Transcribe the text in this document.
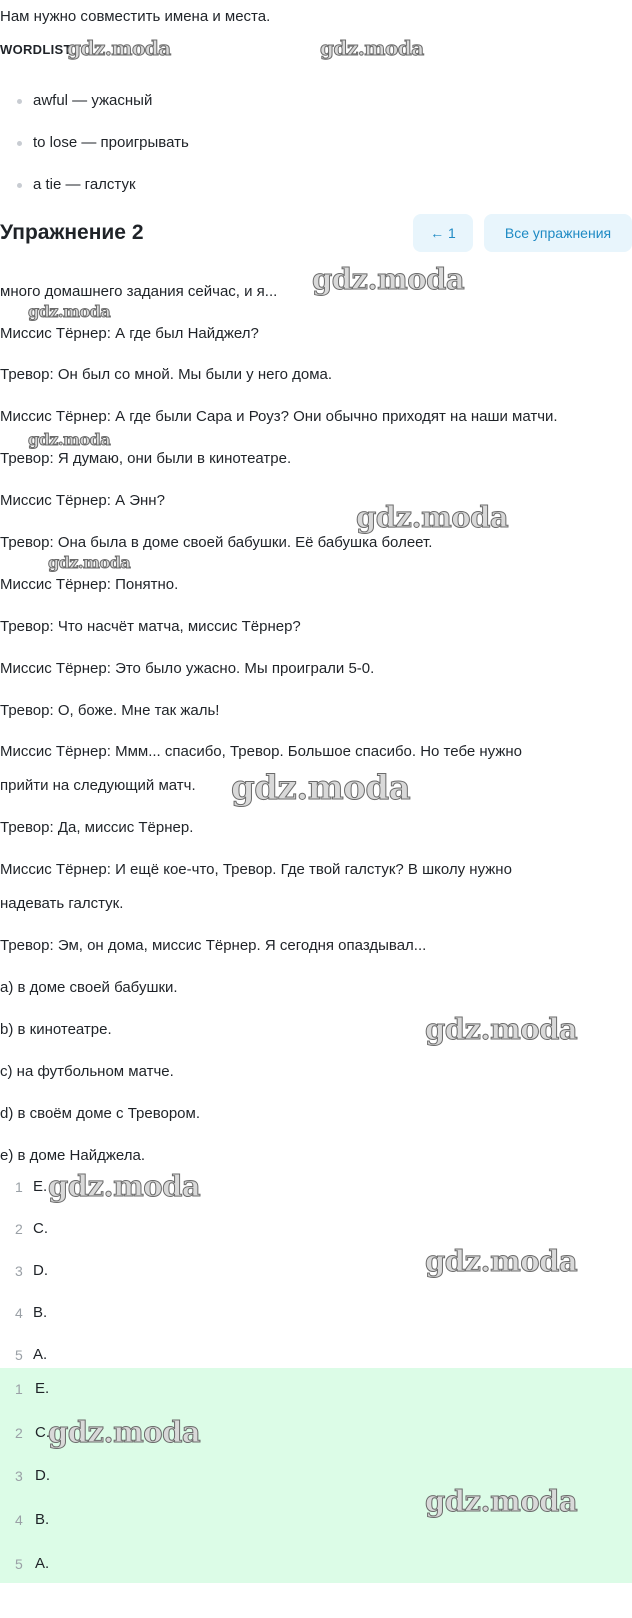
Нам нужно совместить имена и места.
WORDLIST
awful — ужасный
to lose — проигрывать
a tie — галстук
Упражнение 2	← 1	Все упражнения
много домашнего задания сейчас, и я...
Миссис Тёрнер: А где был Найджел?
Тревор: Он был со мной. Мы были у него дома.
Миссис Тёрнер: А где были Сара и Роуз? Они обычно приходят на наши матчи.
Тревор: Я думаю, они были в кинотеатре.
Миссис Тёрнер: А Энн?
Тревор: Она была в доме своей бабушки. Её бабушка болеет.
Миссис Тёрнер: Понятно.
Тревор: Что насчёт матча, миссис Тёрнер?
Миссис Тёрнер: Это было ужасно. Мы проиграли 5-0.
Тревор: О, боже. Мне так жаль!
Миссис Тёрнер: Ммм... спасибо, Тревор. Большое спасибо. Но тебе нужно
прийти на следующий матч.
Тревор: Да, миссис Тёрнер.
Миссис Тёрнер: И ещё кое-что, Тревор. Где твой галстук? В школу нужно
надевать галстук.
Тревор: Эм, он дома, миссис Тёрнер. Я сегодня опаздывал...
a) в доме своей бабушки.
b) в кинотеатре.
c) на футбольном матче.
d) в своём доме с Тревором.
e) в доме Найджела.
1 E.
2 C.
3 D.
4 B.
5 A.
1 E.
2 C.
3 D.
4 B.
5 A.
gdz.moda	gdz.moda
gdz.moda
gdz.moda
gdz.moda
gdz.moda
gdz.moda
gdz.moda
gdz.moda
gdz.moda
gdz.moda
gdz.moda
gdz.moda
